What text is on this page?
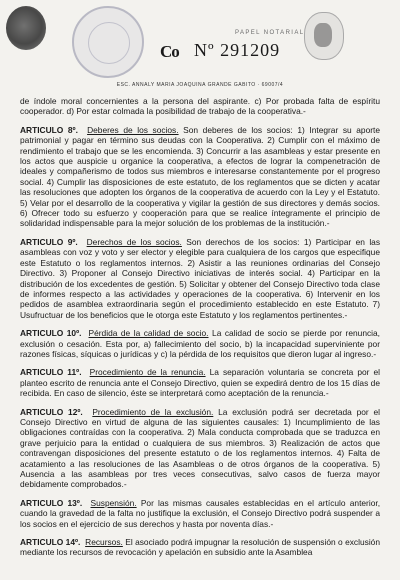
Co
PAPEL NOTARIAL
Nº 291209
ESC. ANNALY MARIA JOAQUINA GRANDE GABITO · 69007/4

de índole moral concernientes a la persona del aspirante. c) Por probada falta de espíritu cooperador. d) Por estar colmada la posibilidad de trabajo de la cooperativa.-

ARTICULO 8º. Deberes de los socios. Son deberes de los socios: 1) Integrar su aporte patrimonial y pagar en término sus deudas con la Cooperativa. 2) Cumplir con el máximo de rendimiento el trabajo que se les encomienda. 3) Concurrir a las asambleas y estar presente en los actos que auspicie u organice la cooperativa, a efectos de lograr la compenetración de ideales y compañerismo de todos sus miembros e interesarse constantemente por el progreso social. 4) Cumplir las disposiciones de este estatuto, de los reglamentos que se dicten y acatar las resoluciones que adopten los órganos de la cooperativa de acuerdo con la Ley y el Estatuto. 5) Velar por el desarrollo de la cooperativa y vigilar la gestión de sus directores y demás socios. 6) Ofrecer todo su esfuerzo y cooperación para que se realice íntegramente el principio de solidaridad indispensable para la mejor solución de los problemas de la institución.-

ARTICULO 9º. Derechos de los socios. Son derechos de los socios: 1) Participar en las asambleas con voz y voto y ser elector y elegible para cualquiera de los cargos que especifique este Estatuto o los reglamentos internos. 2) Asistir a las reuniones ordinarias del Consejo Directivo. 3) Proponer al Consejo Directivo iniciativas de interés social. 4) Participar en la distribución de los excedentes de gestión. 5) Solicitar y obtener del Consejo Directivo toda clase de informes respecto a las actividades y operaciones de la cooperativa. 6) Intervenir en los pedidos de asamblea extraordinaria según el procedimiento establecido en este Estatuto. 7) Usufructuar de los beneficios que le otorga este Estatuto y los reglamentos pertinentes.-

ARTICULO 10º. Pérdida de la calidad de socio. La calidad de socio se pierde por renuncia, exclusión o cesación. Esta por, a) fallecimiento del socio, b) la incapacidad superviniente por razones físicas, síquicas o jurídicas y c) la pérdida de los requisitos que dieron lugar al ingreso.-

ARTICULO 11º. Procedimiento de la renuncia. La separación voluntaria se concreta por el planteo escrito de renuncia ante el Consejo Directivo, quien se expedirá dentro de los 15 días de recibida. En caso de silencio, éste se interpretará como aceptación de la renuncia.-

ARTICULO 12º. Procedimiento de la exclusión. La exclusión podrá ser decretada por el Consejo Directivo en virtud de alguna de las siguientes causales: 1) Incumplimiento de las obligaciones contraídas con la cooperativa. 2) Mala conducta comprobada que se traduzca en grave perjuicio para la entidad o cualquiera de sus miembros. 3) Realización de actos que contravengan disposiciones del presente estatuto o de los reglamentos internos. 4) Falta de acatamiento a las resoluciones de las Asambleas o de otros órganos de la cooperativa. 5) Ausencia a las asambleas por tres veces consecutivas, salvo casos de fuerza mayor debidamente comprobados.-

ARTICULO 13º. Suspensión. Por las mismas causales establecidas en el artículo anterior, cuando la gravedad de la falta no justifique la exclusión, el Consejo Directivo podrá suspender a los socios en el ejercicio de sus derechos y hasta por noventa días.-

ARTICULO 14º. Recursos. El asociado podrá impugnar la resolución de suspensión o exclusión mediante los recursos de revocación y apelación en subsidio ante la Asamblea
